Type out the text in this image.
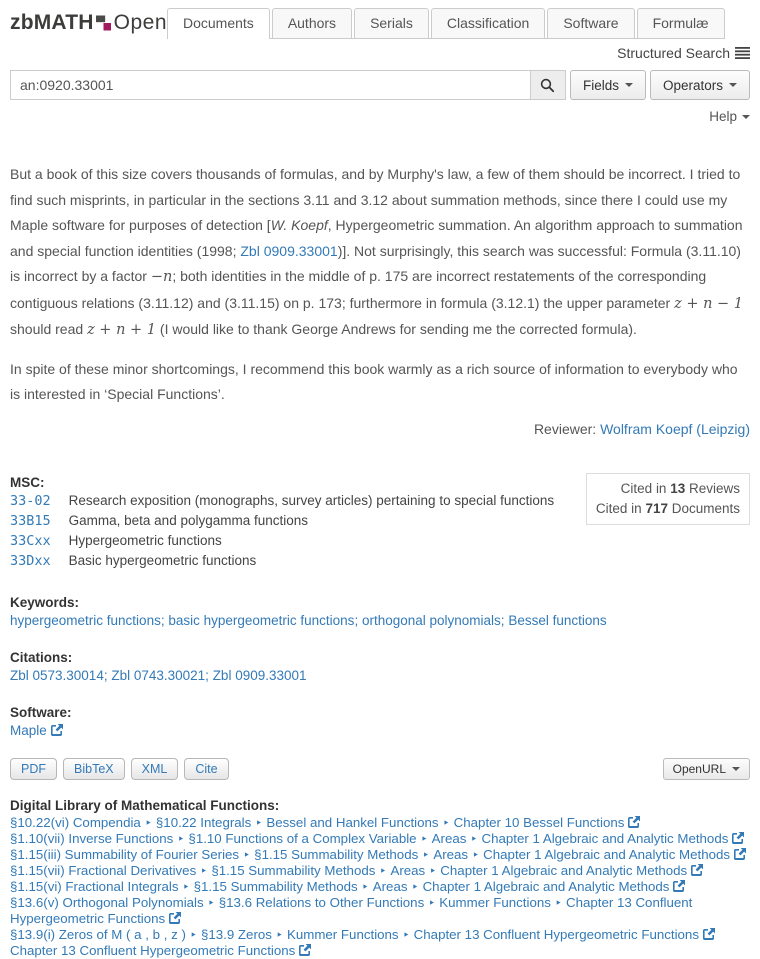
zbMATH Open	Documents	Authors	Serials	Classification	Software	Formulæ
Structured Search
an:0920.33001
Fields	Operators
Help

But a book of this size covers thousands of formulas, and by Murphy's law, a few of them should be incorrect. I tried to find such misprints, in particular in the sections 3.11 and 3.12 about summation methods, since there I could use my Maple software for purposes of detection [W. Koepf, Hypergeometric summation. An algorithm approach to summation and special function identities (1998; Zbl 0909.33001)]. Not surprisingly, this search was successful: Formula (3.11.10) is incorrect by a factor −n; both identities in the middle of p. 175 are incorrect restatements of the corresponding contiguous relations (3.11.12) and (3.11.15) on p. 173; furthermore in formula (3.12.1) the upper parameter z + n − 1 should read z + n + 1 (I would like to thank George Andrews for sending me the corrected formula).

In spite of these minor shortcomings, I recommend this book warmly as a rich source of information to everybody who is interested in ‘Special Functions’.

Reviewer: Wolfram Koepf (Leipzig)

Cited in 13 Reviews
Cited in 717 Documents
MSC:
33-02	Research exposition (monographs, survey articles) pertaining to special functions
33B15	Gamma, beta and polygamma functions
33Cxx	Hypergeometric functions
33Dxx	Basic hypergeometric functions
Keywords:
hypergeometric functions; basic hypergeometric functions; orthogonal polynomials; Bessel functions
Citations:
Zbl 0573.30014; Zbl 0743.30021; Zbl 0909.33001
Software:
Maple
OpenURL
PDF BibTeX XML Cite
Digital Library of Mathematical Functions:
§10.22(vi) Compendia ‣ §10.22 Integrals ‣ Bessel and Hankel Functions ‣ Chapter 10 Bessel Functions
§1.10(vii) Inverse Functions ‣ §1.10 Functions of a Complex Variable ‣ Areas ‣ Chapter 1 Algebraic and Analytic Methods
§1.15(iii) Summability of Fourier Series ‣ §1.15 Summability Methods ‣ Areas ‣ Chapter 1 Algebraic and Analytic Methods
§1.15(vii) Fractional Derivatives ‣ §1.15 Summability Methods ‣ Areas ‣ Chapter 1 Algebraic and Analytic Methods
§1.15(vi) Fractional Integrals ‣ §1.15 Summability Methods ‣ Areas ‣ Chapter 1 Algebraic and Analytic Methods
§13.6(v) Orthogonal Polynomials ‣ §13.6 Relations to Other Functions ‣ Kummer Functions ‣ Chapter 13 Confluent Hypergeometric Functions
§13.9(i) Zeros of M ( a , b , z ) ‣ §13.9 Zeros ‣ Kummer Functions ‣ Chapter 13 Confluent Hypergeometric Functions
Chapter 13 Confluent Hypergeometric Functions
